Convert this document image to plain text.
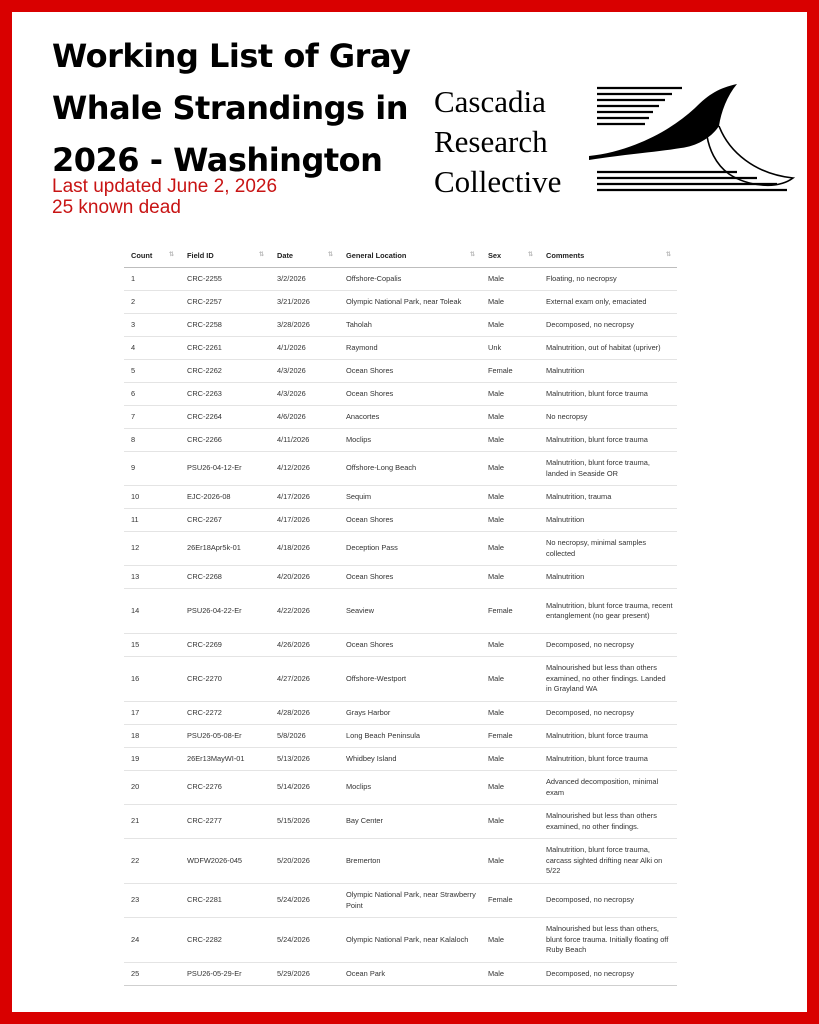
Working List of Gray Whale Strandings in 2026 - Washington
Last updated June 2, 2026
25 known dead
Cascadia
Research
Collective
Count ⇅	Field ID ⇅	Date ⇅	General Location ⇅	Sex ⇅	Comments ⇅

1	CRC-2255	3/2/2026	Offshore-Copalis	Male	Floating, no necropsy
2	CRC-2257	3/21/2026	Olympic National Park, near Toleak	Male	External exam only, emaciated
3	CRC-2258	3/28/2026	Taholah	Male	Decomposed, no necropsy
4	CRC-2261	4/1/2026	Raymond	Unk	Malnutrition, out of habitat (upriver)
5	CRC-2262	4/3/2026	Ocean Shores	Female	Malnutrition
6	CRC-2263	4/3/2026	Ocean Shores	Male	Malnutrition, blunt force trauma
7	CRC-2264	4/6/2026	Anacortes	Male	No necropsy
8	CRC-2266	4/11/2026	Moclips	Male	Malnutrition, blunt force trauma
9	PSU26-04-12-Er	4/12/2026	Offshore-Long Beach	Male	Malnutrition, blunt force trauma, landed in Seaside OR
10	EJC-2026-08	4/17/2026	Sequim	Male	Malnutrition, trauma
11	CRC-2267	4/17/2026	Ocean Shores	Male	Malnutrition
12	26Er18Apr5k-01	4/18/2026	Deception Pass	Male	No necropsy, minimal samples collected
13	CRC-2268	4/20/2026	Ocean Shores	Male	Malnutrition
14	PSU26-04-22-Er	4/22/2026	Seaview	Female	Malnutrition, blunt force trauma, recent entanglement (no gear present)
15	CRC-2269	4/26/2026	Ocean Shores	Male	Decomposed, no necropsy
16	CRC-2270	4/27/2026	Offshore-Westport	Male	Malnourished but less than others examined, no other findings. Landed in Grayland WA
17	CRC-2272	4/28/2026	Grays Harbor	Male	Decomposed, no necropsy
18	PSU26-05-08-Er	5/8/2026	Long Beach Peninsula	Female	Malnutrition, blunt force trauma
19	26Er13MayWI-01	5/13/2026	Whidbey Island	Male	Malnutrition, blunt force trauma
20	CRC-2276	5/14/2026	Moclips	Male	Advanced decomposition, minimal exam
21	CRC-2277	5/15/2026	Bay Center	Male	Malnourished but less than others examined, no other findings.
22	WDFW2026-045	5/20/2026	Bremerton	Male	Malnutrition, blunt force trauma, carcass sighted drifting near Alki on 5/22
23	CRC-2281	5/24/2026	Olympic National Park, near Strawberry Point	Female	Decomposed, no necropsy
24	CRC-2282	5/24/2026	Olympic National Park, near Kalaloch	Male	Malnourished but less than others, blunt force trauma. Initially floating off Ruby Beach
25	PSU26-05-29-Er	5/29/2026	Ocean Park	Male	Decomposed, no necropsy
